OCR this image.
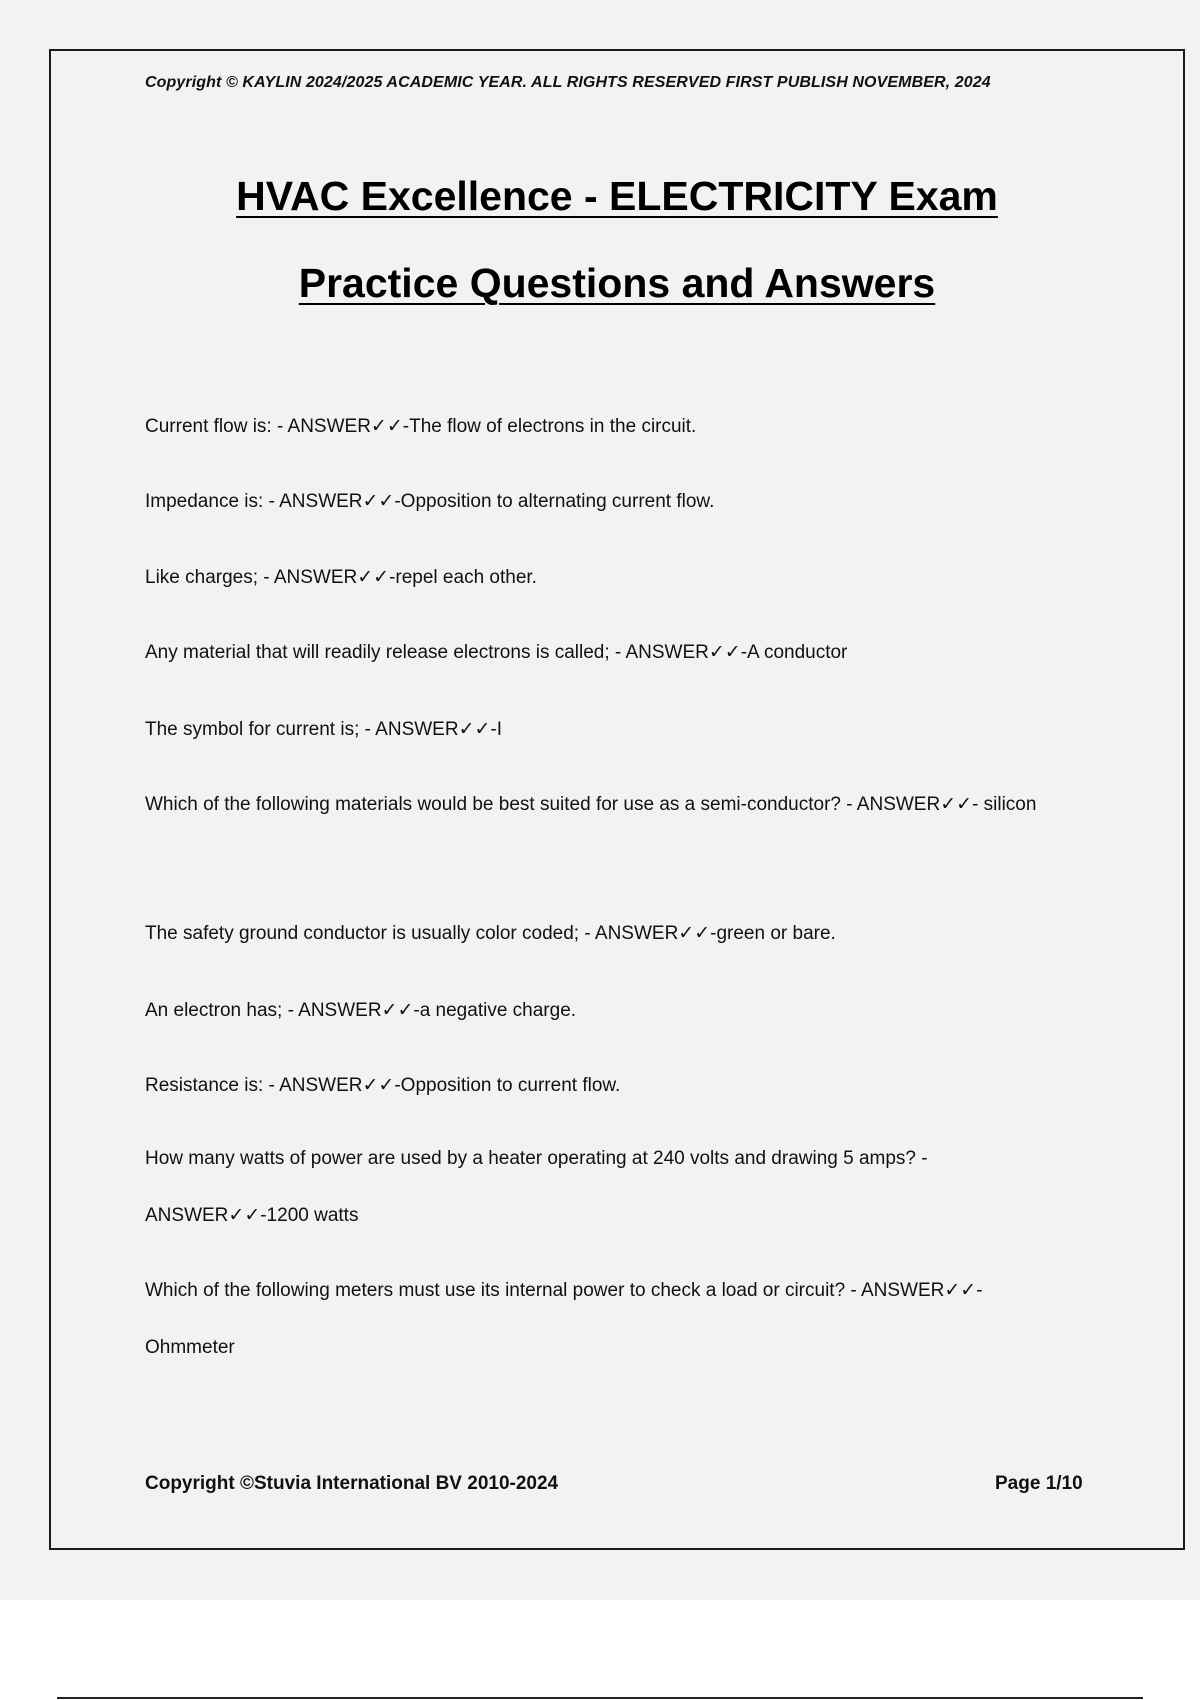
Copyright © KAYLIN 2024/2025 ACADEMIC YEAR. ALL RIGHTS RESERVED FIRST PUBLISH NOVEMBER, 2024
HVAC Excellence - ELECTRICITY Exam
Practice Questions and Answers
Current flow is: - ANSWER✓✓-The flow of electrons in the circuit.
Impedance is: - ANSWER✓✓-Opposition to alternating current flow.
Like charges; - ANSWER✓✓-repel each other.
Any material that will readily release electrons is called; - ANSWER✓✓-A conductor
The symbol for current is; - ANSWER✓✓-I
Which of the following materials would be best suited for use as a semi-conductor? - ANSWER✓✓- silicon
The safety ground conductor is usually color coded; - ANSWER✓✓-green or bare.
An electron has; - ANSWER✓✓-a negative charge.
Resistance is: - ANSWER✓✓-Opposition to current flow.
How many watts of power are used by a heater operating at 240 volts and drawing 5 amps? - ANSWER✓✓-1200 watts
Which of the following meters must use its internal power to check a load or circuit? - ANSWER✓✓- Ohmmeter
Copyright ©Stuvia International BV 2010-2024	Page 1/10
